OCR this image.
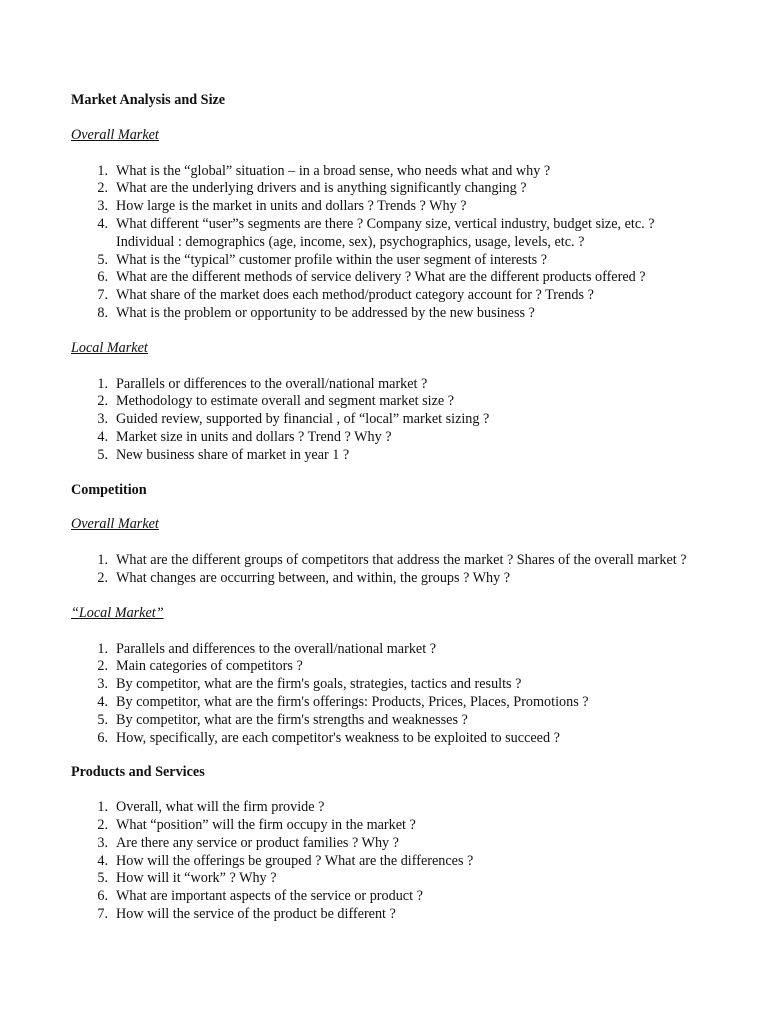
Market Analysis and Size
Overall Market
1. What is the “global” situation – in a broad sense, who needs what and why ?
2. What are the underlying drivers and is anything significantly changing ?
3. How large is the market in units and dollars ? Trends ? Why ?
4. What different “user”s segments are there ? Company size, vertical industry, budget size, etc. ? Individual : demographics (age, income, sex), psychographics, usage, levels, etc. ?
5. What is the “typical” customer profile within the user segment of interests ?
6. What are the different methods of service delivery ? What are the different products offered ?
7. What share of the market does each method/product category account for ? Trends ?
8. What is the problem or opportunity to be addressed by the new business ?
Local Market
1. Parallels or differences to the overall/national market ?
2. Methodology to estimate overall and segment market size ?
3. Guided review, supported by financial , of “local” market sizing ?
4. Market size in units and dollars ? Trend ? Why ?
5. New business share of market in year 1 ?
Competition
Overall Market
1. What are the different groups of competitors that address the market ? Shares of the overall market ?
2. What changes are occurring between, and within, the groups ? Why ?
“Local Market”
1. Parallels and differences to the overall/national market ?
2. Main categories of competitors ?
3. By competitor, what are the firm's goals, strategies, tactics and results ?
4. By competitor, what are the firm's offerings: Products, Prices, Places, Promotions ?
5. By competitor, what are the firm's strengths and weaknesses ?
6. How, specifically, are each competitor's weakness to be exploited to succeed ?
Products and Services
1. Overall, what will the firm provide ?
2. What “position” will the firm occupy in the market ?
3. Are there any service or product families ? Why ?
4. How will the offerings be grouped ? What are the differences ?
5. How will it “work” ? Why ?
6. What are important aspects of the service or product ?
7. How will the service of the product be different ?
